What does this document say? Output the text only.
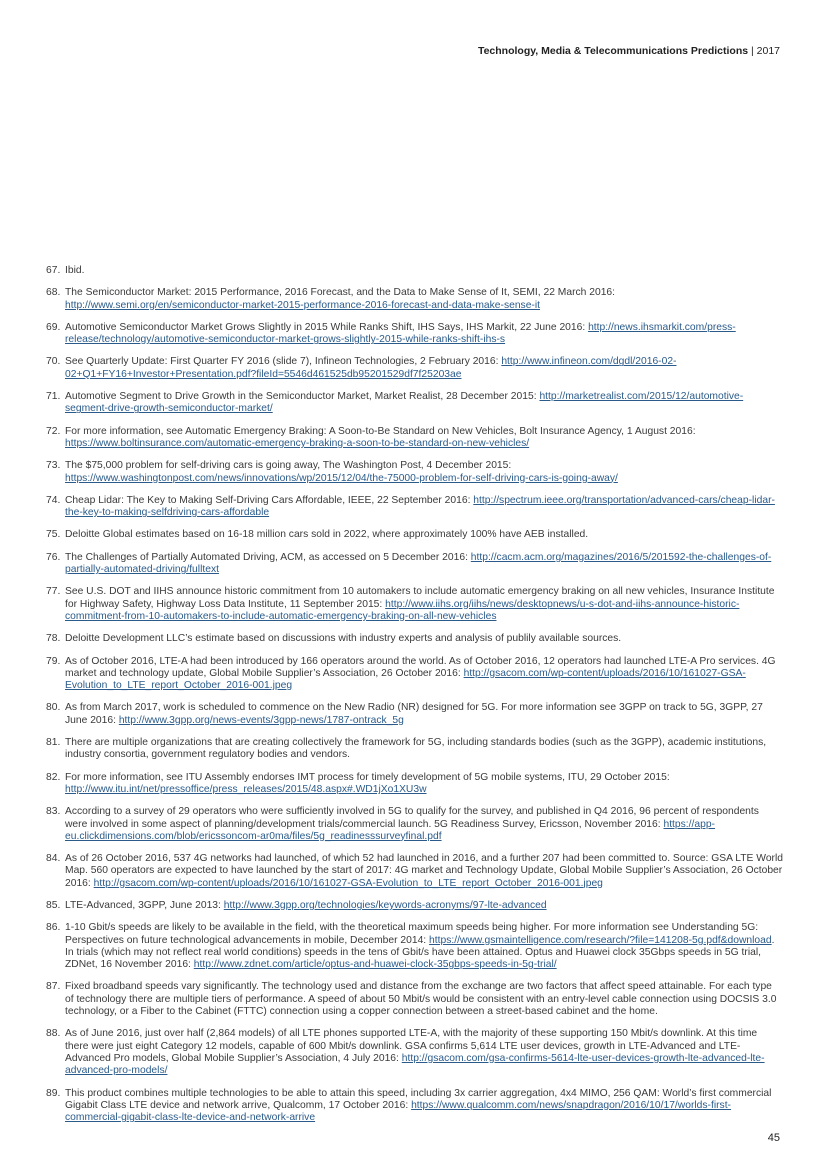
Technology, Media & Telecommunications Predictions | 2017
67. Ibid.
68. The Semiconductor Market: 2015 Performance, 2016 Forecast, and the Data to Make Sense of It, SEMI, 22 March 2016: http://www.semi.org/en/semiconductor-market-2015-performance-2016-forecast-and-data-make-sense-it
69. Automotive Semiconductor Market Grows Slightly in 2015 While Ranks Shift, IHS Says, IHS Markit, 22 June 2016: http://news.ihsmarkit.com/press-release/technology/automotive-semiconductor-market-grows-slightly-2015-while-ranks-shift-ihs-s
70. See Quarterly Update: First Quarter FY 2016 (slide 7), Infineon Technologies, 2 February 2016: http://www.infineon.com/dgdl/2016-02-02+Q1+FY16+Investor+Presentation.pdf?fileId=5546d461525db95201529df7f25203ae
71. Automotive Segment to Drive Growth in the Semiconductor Market, Market Realist, 28 December 2015: http://marketrealist.com/2015/12/automotive-segment-drive-growth-semiconductor-market/
72. For more information, see Automatic Emergency Braking: A Soon-to-Be Standard on New Vehicles, Bolt Insurance Agency, 1 August 2016: https://www.boltinsurance.com/automatic-emergency-braking-a-soon-to-be-standard-on-new-vehicles/
73. The $75,000 problem for self-driving cars is going away, The Washington Post, 4 December 2015: https://www.washingtonpost.com/news/innovations/wp/2015/12/04/the-75000-problem-for-self-driving-cars-is-going-away/
74. Cheap Lidar: The Key to Making Self-Driving Cars Affordable, IEEE, 22 September 2016: http://spectrum.ieee.org/transportation/advanced-cars/cheap-lidar-the-key-to-making-selfdriving-cars-affordable
75. Deloitte Global estimates based on 16-18 million cars sold in 2022, where approximately 100% have AEB installed.
76. The Challenges of Partially Automated Driving, ACM, as accessed on 5 December 2016: http://cacm.acm.org/magazines/2016/5/201592-the-challenges-of-partially-automated-driving/fulltext
77. See U.S. DOT and IIHS announce historic commitment from 10 automakers to include automatic emergency braking on all new vehicles, Insurance Institute for Highway Safety, Highway Loss Data Institute, 11 September 2015: http://www.iihs.org/iihs/news/desktopnews/u-s-dot-and-iihs-announce-historic-commitment-from-10-automakers-to-include-automatic-emergency-braking-on-all-new-vehicles
78. Deloitte Development LLC’s estimate based on discussions with industry experts and analysis of publily available sources.
79. As of October 2016, LTE-A had been introduced by 166 operators around the world. As of October 2016, 12 operators had launched LTE-A Pro services. 4G market and technology update, Global Mobile Supplier’s Association, 26 October 2016: http://gsacom.com/wp-content/uploads/2016/10/161027-GSA-Evolution_to_LTE_report_October_2016-001.jpeg
80. As from March 2017, work is scheduled to commence on the New Radio (NR) designed for 5G. For more information see 3GPP on track to 5G, 3GPP, 27 June 2016: http://www.3gpp.org/news-events/3gpp-news/1787-ontrack_5g
81. There are multiple organizations that are creating collectively the framework for 5G, including standards bodies (such as the 3GPP), academic institutions, industry consortia, government regulatory bodies and vendors.
82. For more information, see ITU Assembly endorses IMT process for timely development of 5G mobile systems, ITU, 29 October 2015: http://www.itu.int/net/pressoffice/press_releases/2015/48.aspx#.WD1jXo1XU3w
83. According to a survey of 29 operators who were sufficiently involved in 5G to qualify for the survey, and published in Q4 2016, 96 percent of respondents were involved in some aspect of planning/development trials/commercial launch. 5G Readiness Survey, Ericsson, November 2016: https://app-eu.clickdimensions.com/blob/ericssoncom-ar0ma/files/5g_readinesssurveyfinal.pdf
84. As of 26 October 2016, 537 4G networks had launched, of which 52 had launched in 2016, and a further 207 had been committed to. Source: GSA LTE World Map. 560 operators are expected to have launched by the start of 2017: 4G market and Technology Update, Global Mobile Supplier’s Association, 26 October 2016: http://gsacom.com/wp-content/uploads/2016/10/161027-GSA-Evolution_to_LTE_report_October_2016-001.jpeg
85. LTE-Advanced, 3GPP, June 2013: http://www.3gpp.org/technologies/keywords-acronyms/97-lte-advanced
86. 1-10 Gbit/s speeds are likely to be available in the field, with the theoretical maximum speeds being higher. For more information see Understanding 5G: Perspectives on future technological advancements in mobile, December 2014: https://www.gsmaintelligence.com/research/?file=141208-5g.pdf&download. In trials (which may not reflect real world conditions) speeds in the tens of Gbit/s have been attained. Optus and Huawei clock 35Gbps speeds in 5G trial, ZDNet, 16 November 2016: http://www.zdnet.com/article/optus-and-huawei-clock-35gbps-speeds-in-5g-trial/
87. Fixed broadband speeds vary significantly. The technology used and distance from the exchange are two factors that affect speed attainable. For each type of technology there are multiple tiers of performance. A speed of about 50 Mbit/s would be consistent with an entry-level cable connection using DOCSIS 3.0 technology, or a Fiber to the Cabinet (FTTC) connection using a copper connection between a street-based cabinet and the home.
88. As of June 2016, just over half (2,864 models) of all LTE phones supported LTE-A, with the majority of these supporting 150 Mbit/s downlink. At this time there were just eight Category 12 models, capable of 600 Mbit/s downlink. GSA confirms 5,614 LTE user devices, growth in LTE-Advanced and LTE-Advanced Pro models, Global Mobile Supplier’s Association, 4 July 2016: http://gsacom.com/gsa-confirms-5614-lte-user-devices-growth-lte-advanced-lte-advanced-pro-models/
89. This product combines multiple technologies to be able to attain this speed, including 3x carrier aggregation, 4x4 MIMO, 256 QAM: World’s first commercial Gigabit Class LTE device and network arrive, Qualcomm, 17 October 2016: https://www.qualcomm.com/news/snapdragon/2016/10/17/worlds-first-commercial-gigabit-class-lte-device-and-network-arrive
45
